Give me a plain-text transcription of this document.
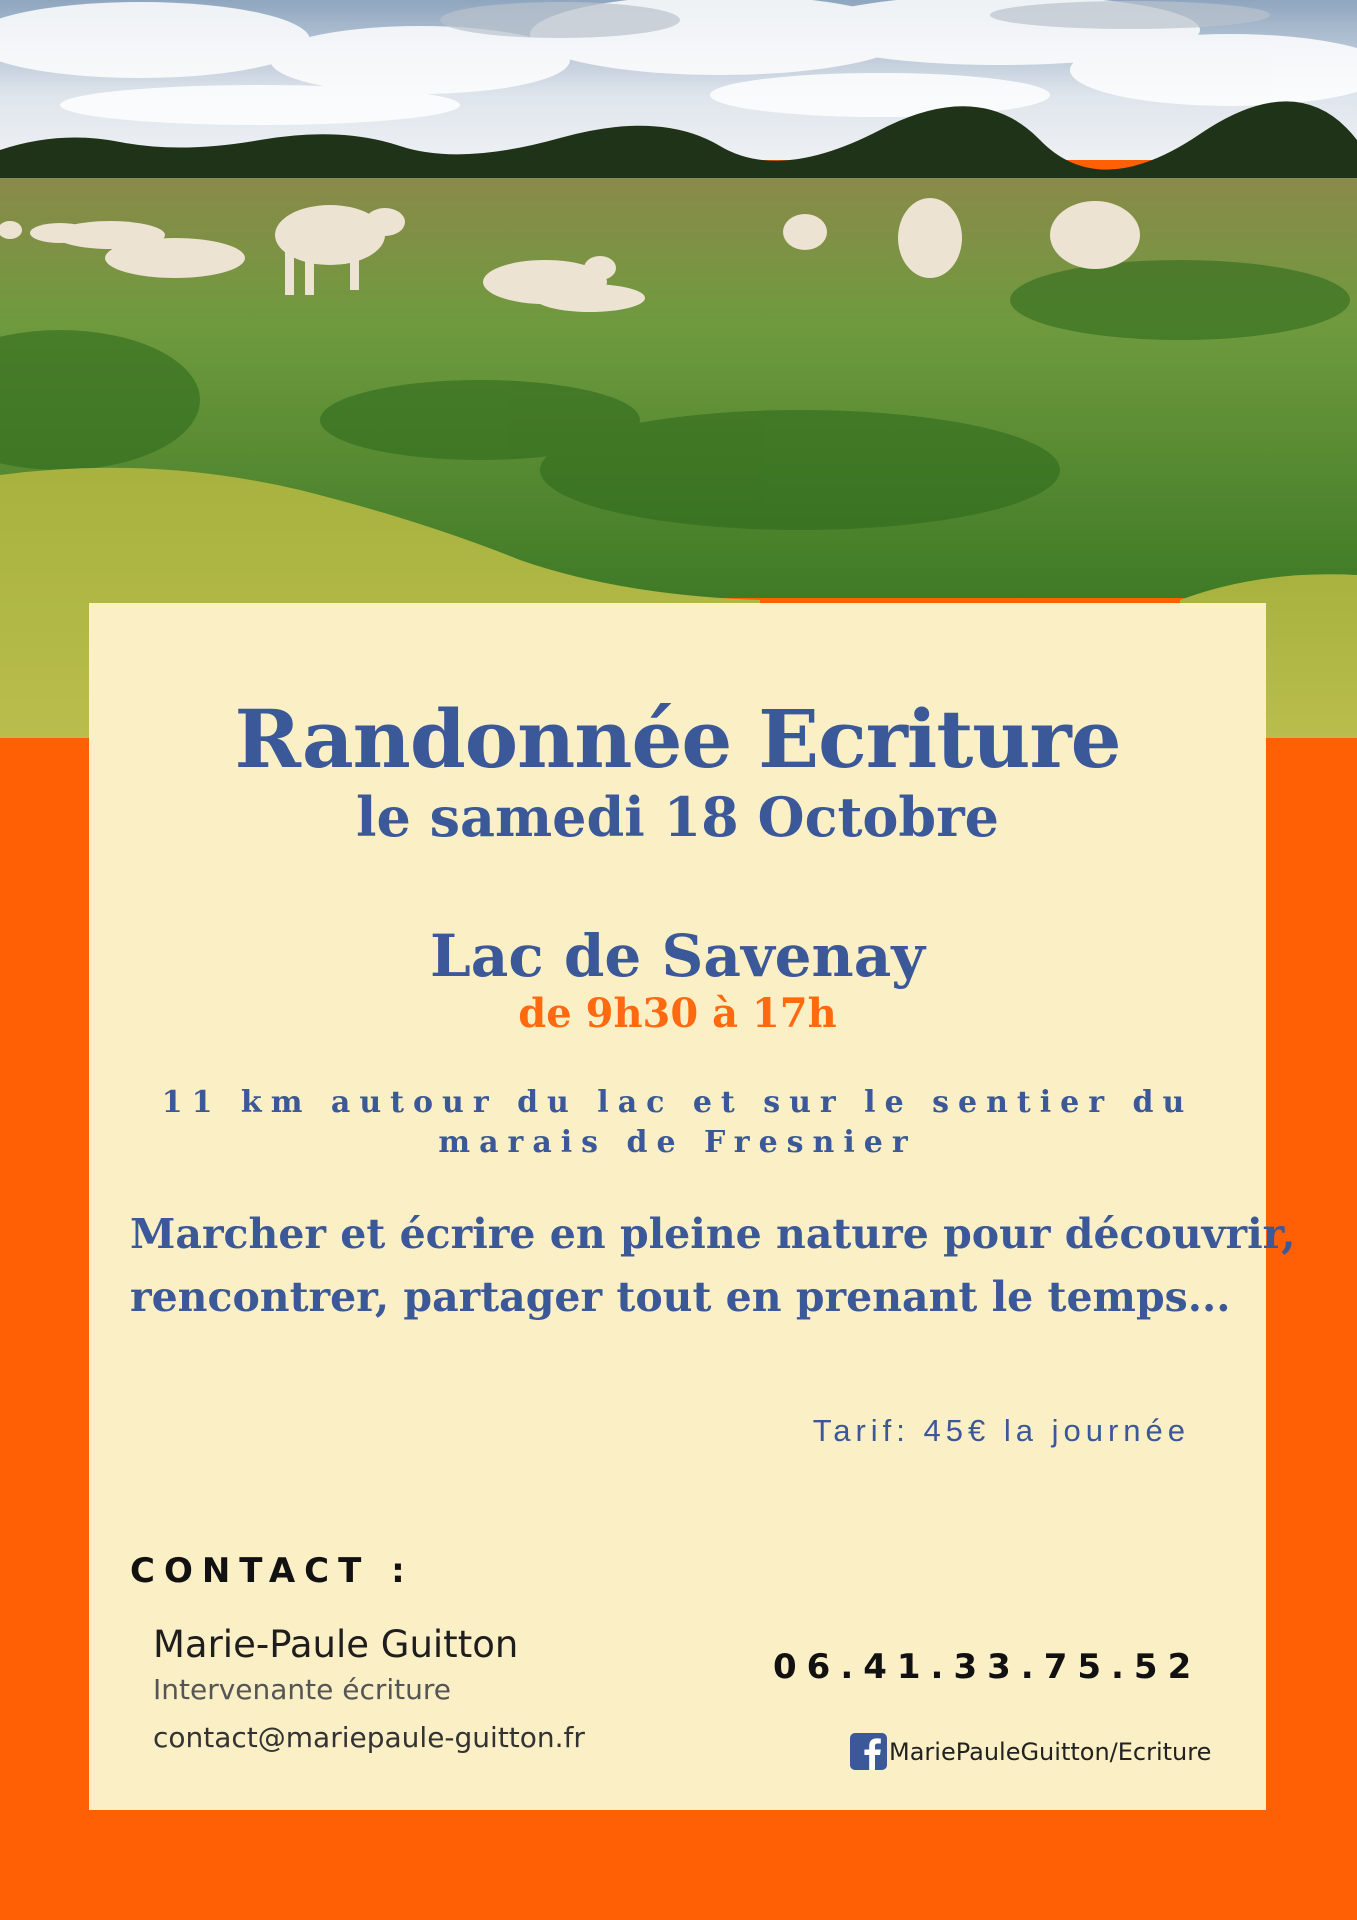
Randonnée Ecriture
le samedi 18 Octobre
Lac de Savenay
de 9h30 à 17h
11 km autour du lac et sur le sentier du
marais de Fresnier
Marcher et écrire en pleine nature pour découvrir,
rencontrer, partager tout en prenant le temps...
Tarif: 45€ la journée
CONTACT :
Marie-Paule Guitton
Intervenante écriture
contact@mariepaule-guitton.fr
06.41.33.75.52
MariePauleGuitton/Ecriture
